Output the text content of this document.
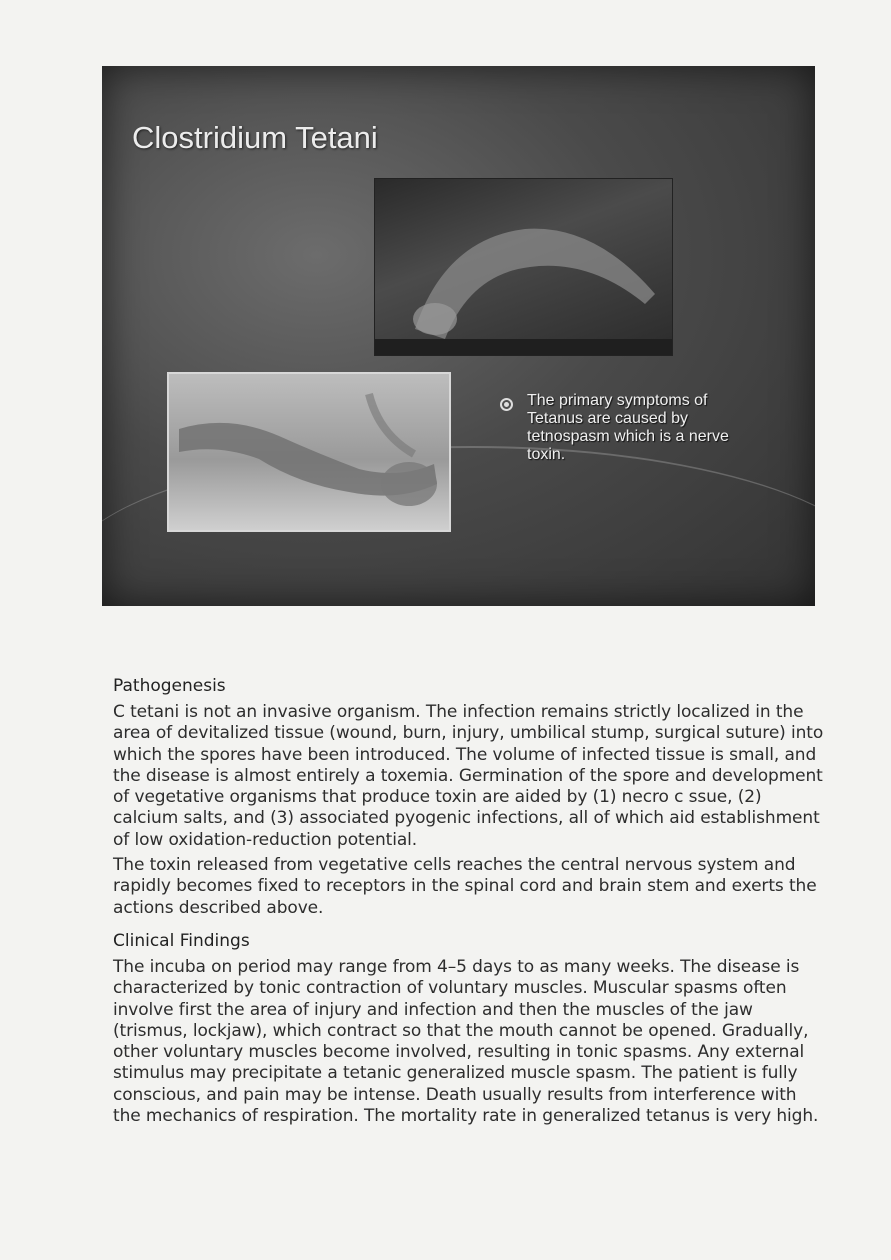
Clostridium Tetani
The primary symptoms of Tetanus are caused by tetnospasm which is a nerve toxin.
Pathogenesis

C tetani is not an invasive organism. The infection remains strictly localized in the area of devitalized tissue (wound, burn, injury, umbilical stump, surgical suture) into which the spores have been introduced. The volume of infected tissue is small, and the disease is almost entirely a toxemia. Germination of the spore and development of vegetative organisms that produce toxin are aided by (1) necro c ssue, (2) calcium salts, and (3) associated pyogenic infections, all of which aid establishment of low oxidation-reduction potential.

The toxin released from vegetative cells reaches the central nervous system and rapidly becomes fixed to receptors in the spinal cord and brain stem and exerts the actions described above.

Clinical Findings

The incuba on period may range from 4–5 days to as many weeks. The disease is characterized by tonic contraction of voluntary muscles. Muscular spasms often involve first the area of injury and infection and then the muscles of the jaw (trismus, lockjaw), which contract so that the mouth cannot be opened. Gradually, other voluntary muscles become involved, resulting in tonic spasms. Any external stimulus may precipitate a tetanic generalized muscle spasm. The patient is fully conscious, and pain may be intense. Death usually results from interference with the mechanics of respiration. The mortality rate in generalized tetanus is very high.
